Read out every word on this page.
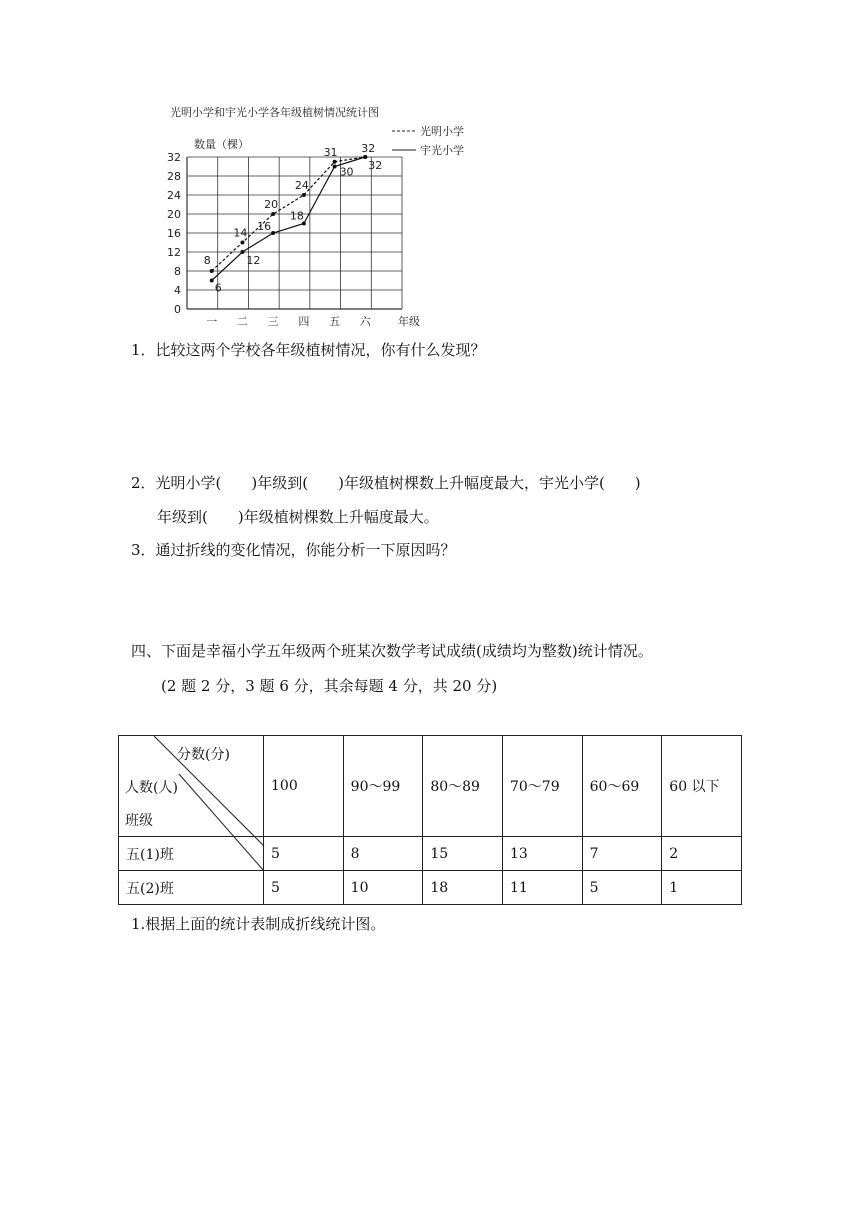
光明小学和宇光小学各年级植树情况统计图
数量（棵）
光明小学
宇光小学
0
4
8
12
16
20
24
28
32
一 二 三 四 五 六 年级
8
14
20
24
31 32
6
12
16
18
30 32
1．比较这两个学校各年级植树情况，你有什么发现？
2．光明小学(　　)年级到(　　)年级植树棵数上升幅度最大，宇光小学(　　)
年级到(　　)年级植树棵数上升幅度最大。
3．通过折线的变化情况，你能分析一下原因吗？
四、下面是幸福小学五年级两个班某次数学考试成绩(成绩均为整数)统计情况。
(2 题 2 分，3 题 6 分，其余每题 4 分，共 20 分)
分数(分)
人数(人)
班级	100	90～99	80～89	70～79	60～69	60 以下
五(1)班	5	8	15	13	7	2
五(2)班	5	10	18	11	5	1
1.根据上面的统计表制成折线统计图。
